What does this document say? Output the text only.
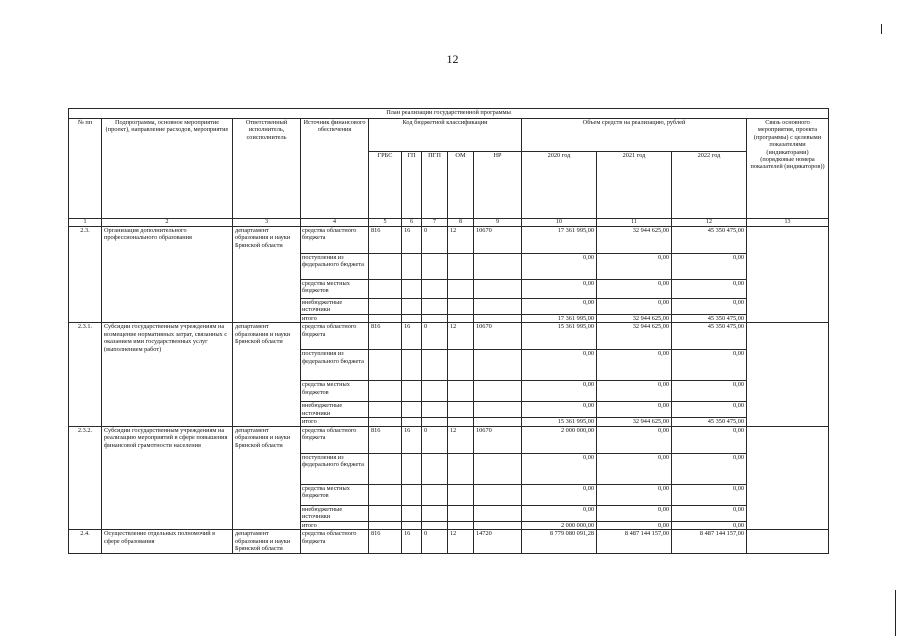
12
План реализации государственной программы												
№ пп	Подпрограмма, основное мероприятие (проект), направление расходов, мероприятие	Ответственный исполнитель, соисполнитель	Источник финансового обеспечения	Код бюджетной классификации					Объем средств на реализацию, рублей			Связь основного мероприятия, проекта (программы) с целевыми показателями (индикаторами) (порядковые номера показателей (индикаторов))
				ГРБС	ГП	ПГП	ОМ	НР	2020 год	2021 год	2022 год	
1	2	3	4	5	6	7	8	9	10	11	12	13
2.3.	Организация дополнительного профессионального образования	департамент образования и науки Брянской области	средства областного бюджета	816	16	0	12	10670	17 361 995,00	32 944 625,00	45 350 475,00	
			поступления из федерального бюджета						0,00	0,00	0,00	
			средства местных бюджетов						0,00	0,00	0,00	
			внебюджетные источники						0,00	0,00	0,00	
			итого						17 361 995,00	32 944 625,00	45 350 475,00	
2.3.1.	Субсидии государственным учреждениям на возмещение нормативных затрат, связанных с оказанием ими государственных услуг (выполнением работ)	департамент образования и науки Брянской области	средства областного бюджета	816	16	0	12	10670	15 361 995,00	32 944 625,00	45 350 475,00	
			поступления из федерального бюджета						0,00	0,00	0,00	
			средства местных бюджетов						0,00	0,00	0,00	
			внебюджетные источники						0,00	0,00	0,00	
			итого						15 361 995,00	32 944 625,00	45 350 475,00	
2.3.2.	Субсидии государственным учреждениям на реализацию мероприятий в сфере повышения финансовой грамотности населения	департамент образования и науки Брянской области	средства областного бюджета	816	16	0	12	10670	2 000 000,00	0,00	0,00	
			поступления из федерального бюджета						0,00	0,00	0,00	
			средства местных бюджетов						0,00	0,00	0,00	
			внебюджетные источники						0,00	0,00	0,00	
			итого						2 000 000,00	0,00	0,00	
2.4.	Осуществление отдельных полномочий в сфере образования	департамент образования и науки Брянской области	средства областного бюджета	816	16	0	12	14720	8 779 080 091,28	8 487 144 157,00	8 487 144 157,00	
